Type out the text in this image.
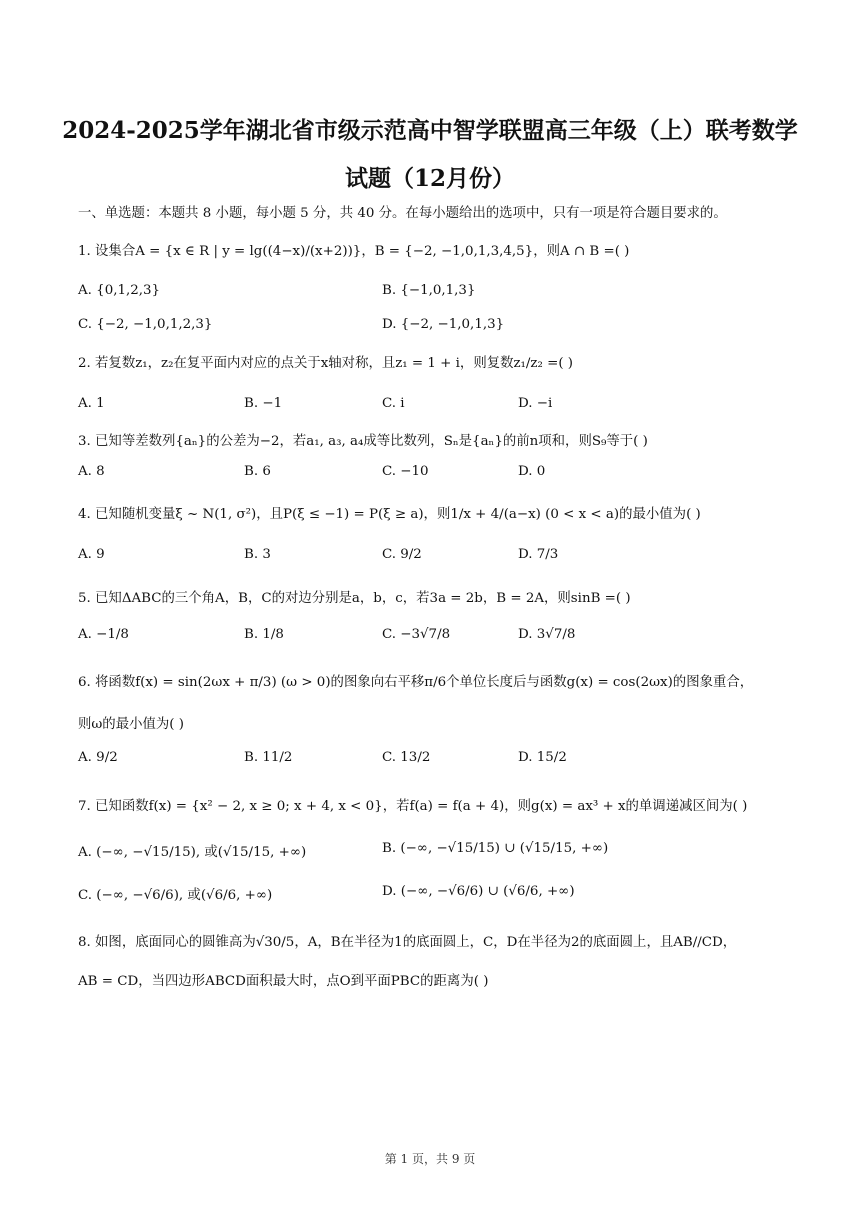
2024-2025学年湖北省市级示范高中智学联盟高三年级（上）联考数学
试题（12月份）
一、单选题：本题共 8 小题，每小题 5 分，共 40 分。在每小题给出的选项中，只有一项是符合题目要求的。
1. 设集合A = {x ∈ R | y = lg((4−x)/(x+2))}，B = {−2, −1,0,1,3,4,5}，则A ∩ B =( )
A. {0,1,2,3}	B. {−1,0,1,3}
C. {−2, −1,0,1,2,3}	D. {−2, −1,0,1,3}
2. 若复数z₁，z₂在复平面内对应的点关于x轴对称，且z₁ = 1 + i，则复数z₁/z₂ =( )
A. 1	B. −1	C. i	D. −i
3. 已知等差数列{aₙ}的公差为−2，若a₁, a₃, a₄成等比数列，Sₙ是{aₙ}的前n项和，则S₉等于( )
A. 8	B. 6	C. −10	D. 0
4. 已知随机变量ξ ~ N(1, σ²)，且P(ξ ≤ −1) = P(ξ ≥ a)，则1/x + 4/(a−x) (0 < x < a)的最小值为( )
A. 9	B. 3	C. 9/2	D. 7/3
5. 已知ΔABC的三个角A，B，C的对边分别是a，b，c，若3a = 2b，B = 2A，则sinB =( )
A. −1/8	B. 1/8	C. −3√7/8	D. 3√7/8
6. 将函数f(x) = sin(2ωx + π/3) (ω > 0)的图象向右平移π/6个单位长度后与函数g(x) = cos(2ωx)的图象重合，
则ω的最小值为( )
A. 9/2	B. 11/2	C. 13/2	D. 15/2
7. 已知函数f(x) = {x² − 2, x ≥ 0; x + 4, x < 0}，若f(a) = f(a + 4)，则g(x) = ax³ + x的单调递减区间为( )
A. (−∞, −√15/15), 或(√15/15, +∞)	B. (−∞, −√15/15) ∪ (√15/15, +∞)
C. (−∞, −√6/6), 或(√6/6, +∞)	D. (−∞, −√6/6) ∪ (√6/6, +∞)
8. 如图，底面同心的圆锥高为√30/5，A，B在半径为1的底面圆上，C，D在半径为2的底面圆上，且AB//CD，
AB = CD，当四边形ABCD面积最大时，点O到平面PBC的距离为( )
第 1 页，共 9 页
